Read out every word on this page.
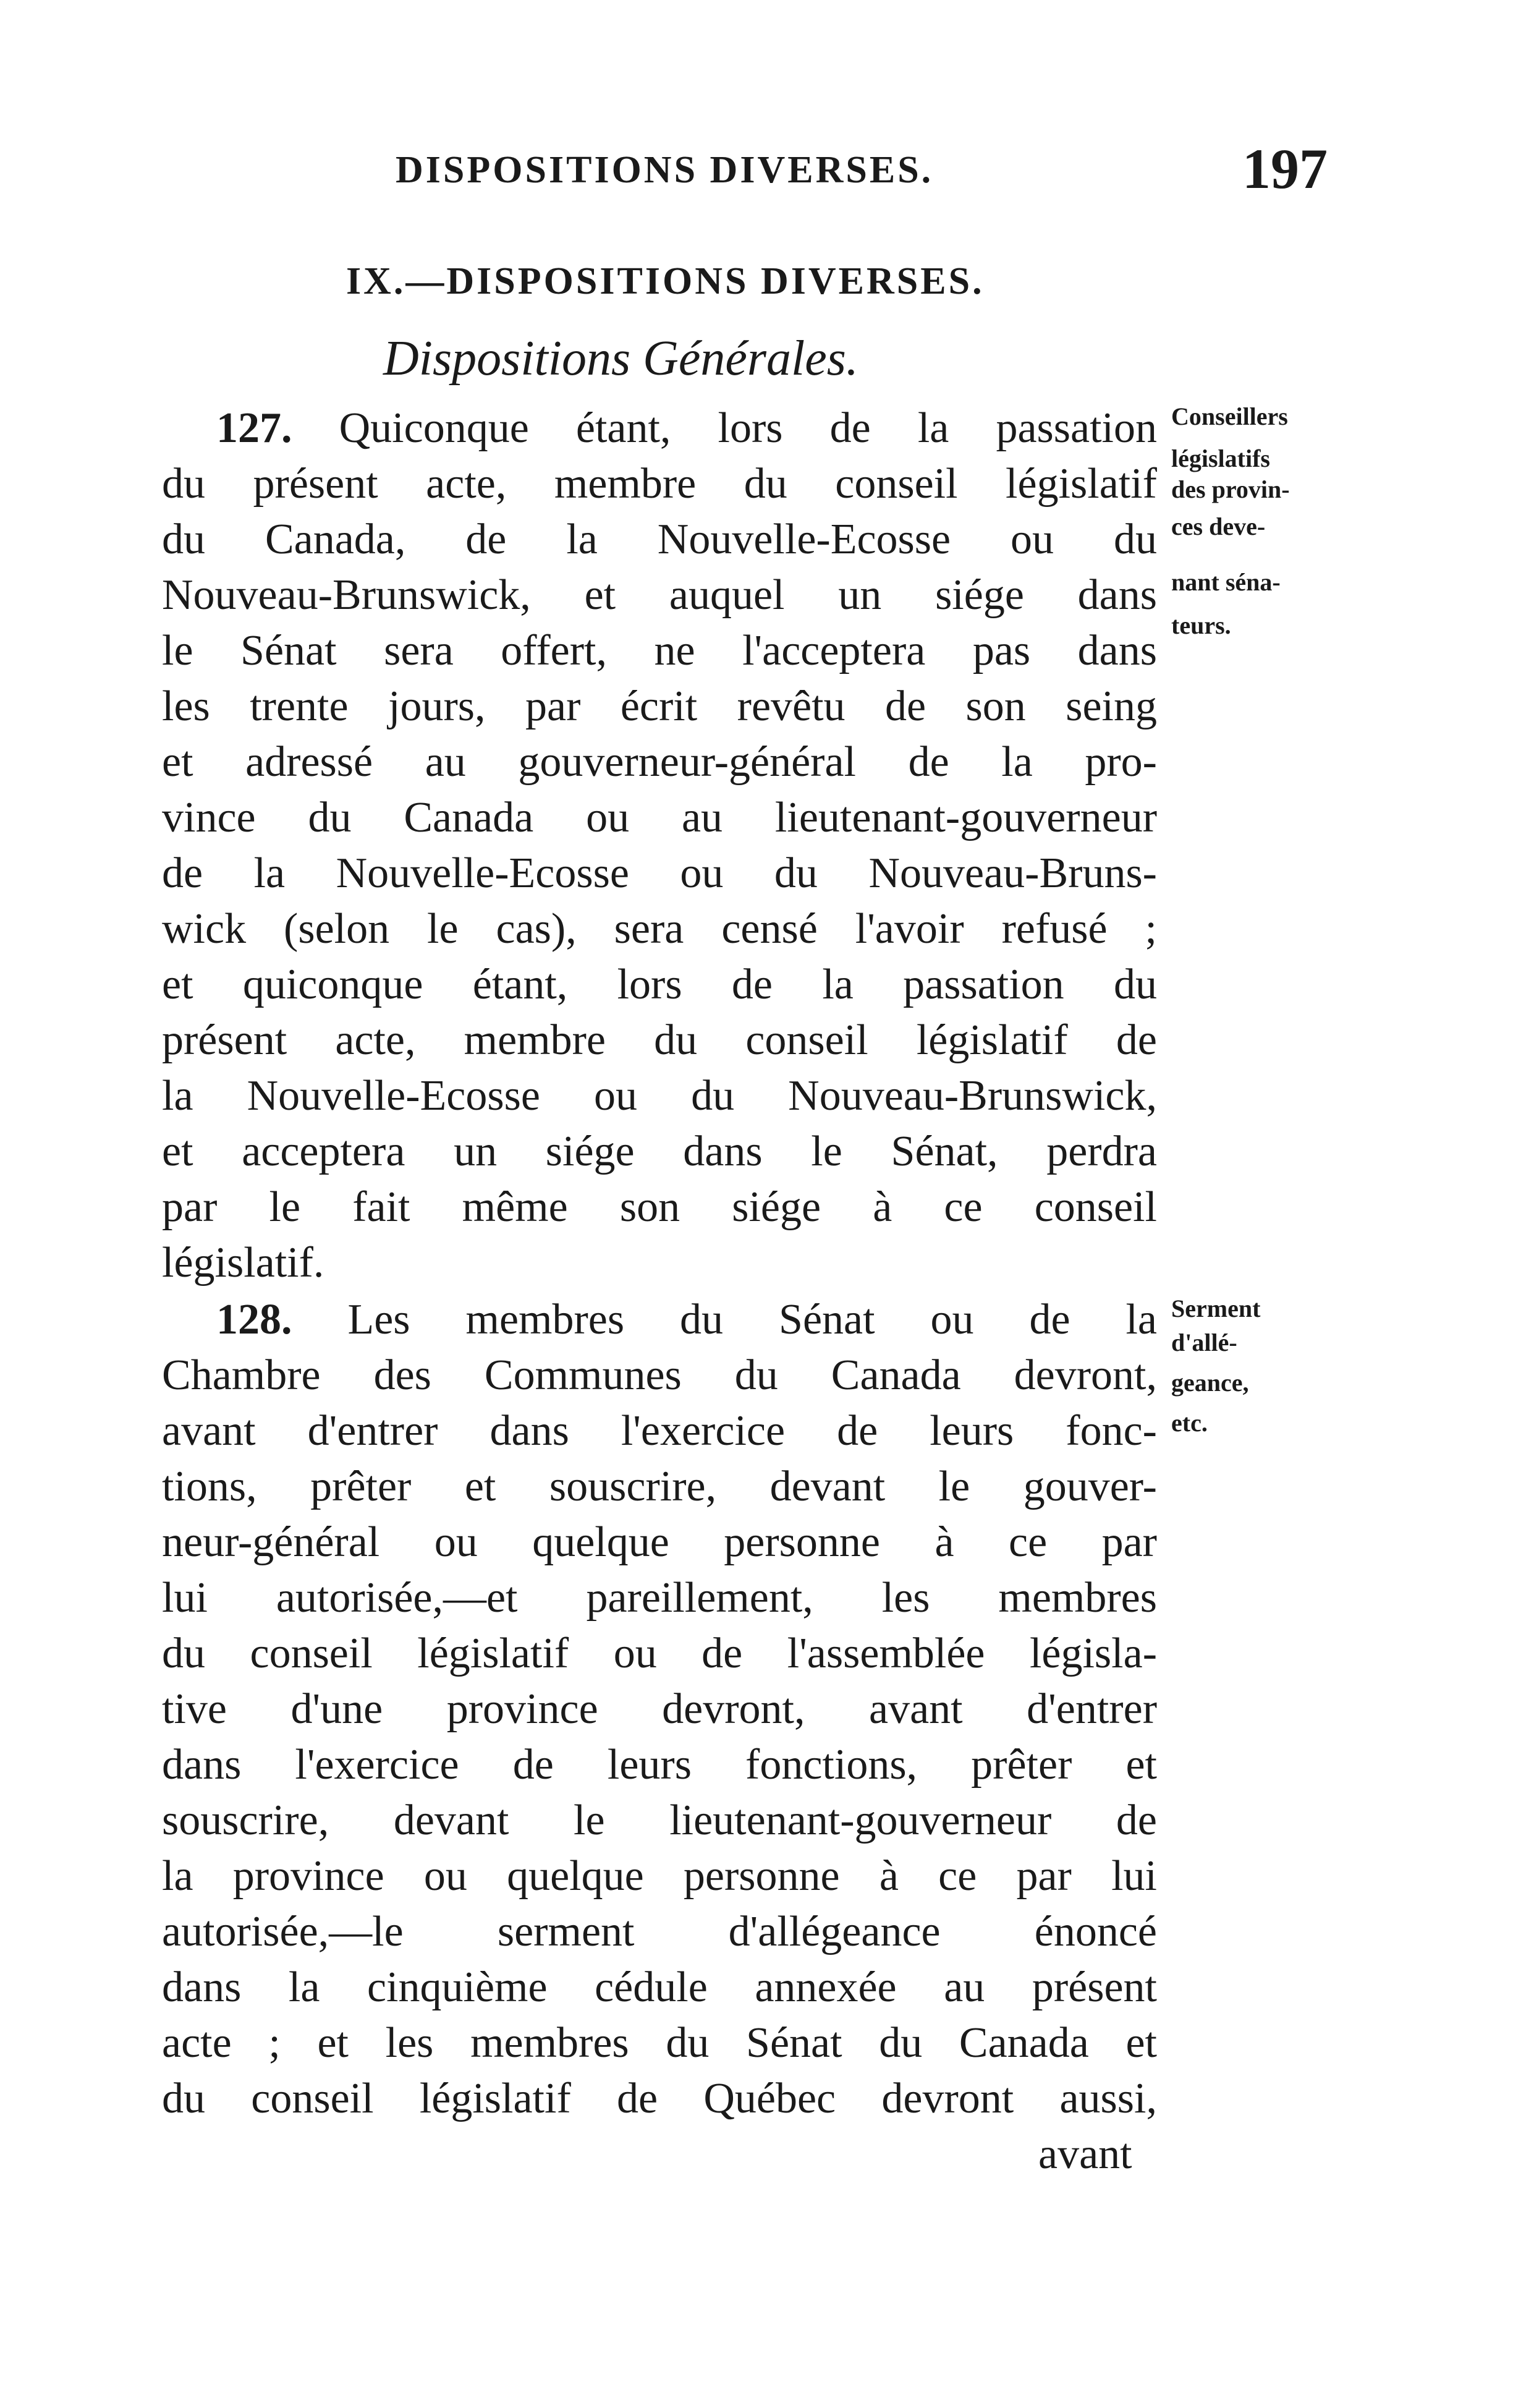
DISPOSITIONS DIVERSES.	197
IX.—DISPOSITIONS DIVERSES.
Dispositions Générales.
127. Quiconque étant, lors de la passation
du présent acte, membre du conseil législatif
du Canada, de la Nouvelle-Ecosse ou du
Nouveau-Brunswick, et auquel un siége dans
le Sénat sera offert, ne l'acceptera pas dans
les trente jours, par écrit revêtu de son seing
et adressé au gouverneur-général de la pro-
vince du Canada ou au lieutenant-gouverneur
de la Nouvelle-Ecosse ou du Nouveau-Bruns-
wick (selon le cas), sera censé l'avoir refusé ;
et quiconque étant, lors de la passation du
présent acte, membre du conseil législatif de
la Nouvelle-Ecosse ou du Nouveau-Brunswick,
et acceptera un siége dans le Sénat, perdra
par le fait même son siége à ce conseil
législatif.
Conseillers
législatifs
des provin-
ces deve-
nant séna-
teurs.
128. Les membres du Sénat ou de la
Chambre des Communes du Canada devront,
avant d'entrer dans l'exercice de leurs fonc-
tions, prêter et souscrire, devant le gouver-
neur-général ou quelque personne à ce par
lui autorisée,—et pareillement, les membres
du conseil législatif ou de l'assemblée législa-
tive d'une province devront, avant d'entrer
dans l'exercice de leurs fonctions, prêter et
souscrire, devant le lieutenant-gouverneur de
la province ou quelque personne à ce par lui
autorisée,—le serment d'allégeance énoncé
dans la cinquième cédule annexée au présent
acte ; et les membres du Sénat du Canada et
du conseil législatif de Québec devront aussi,
Serment
d'allé-
geance,
etc.
avant
